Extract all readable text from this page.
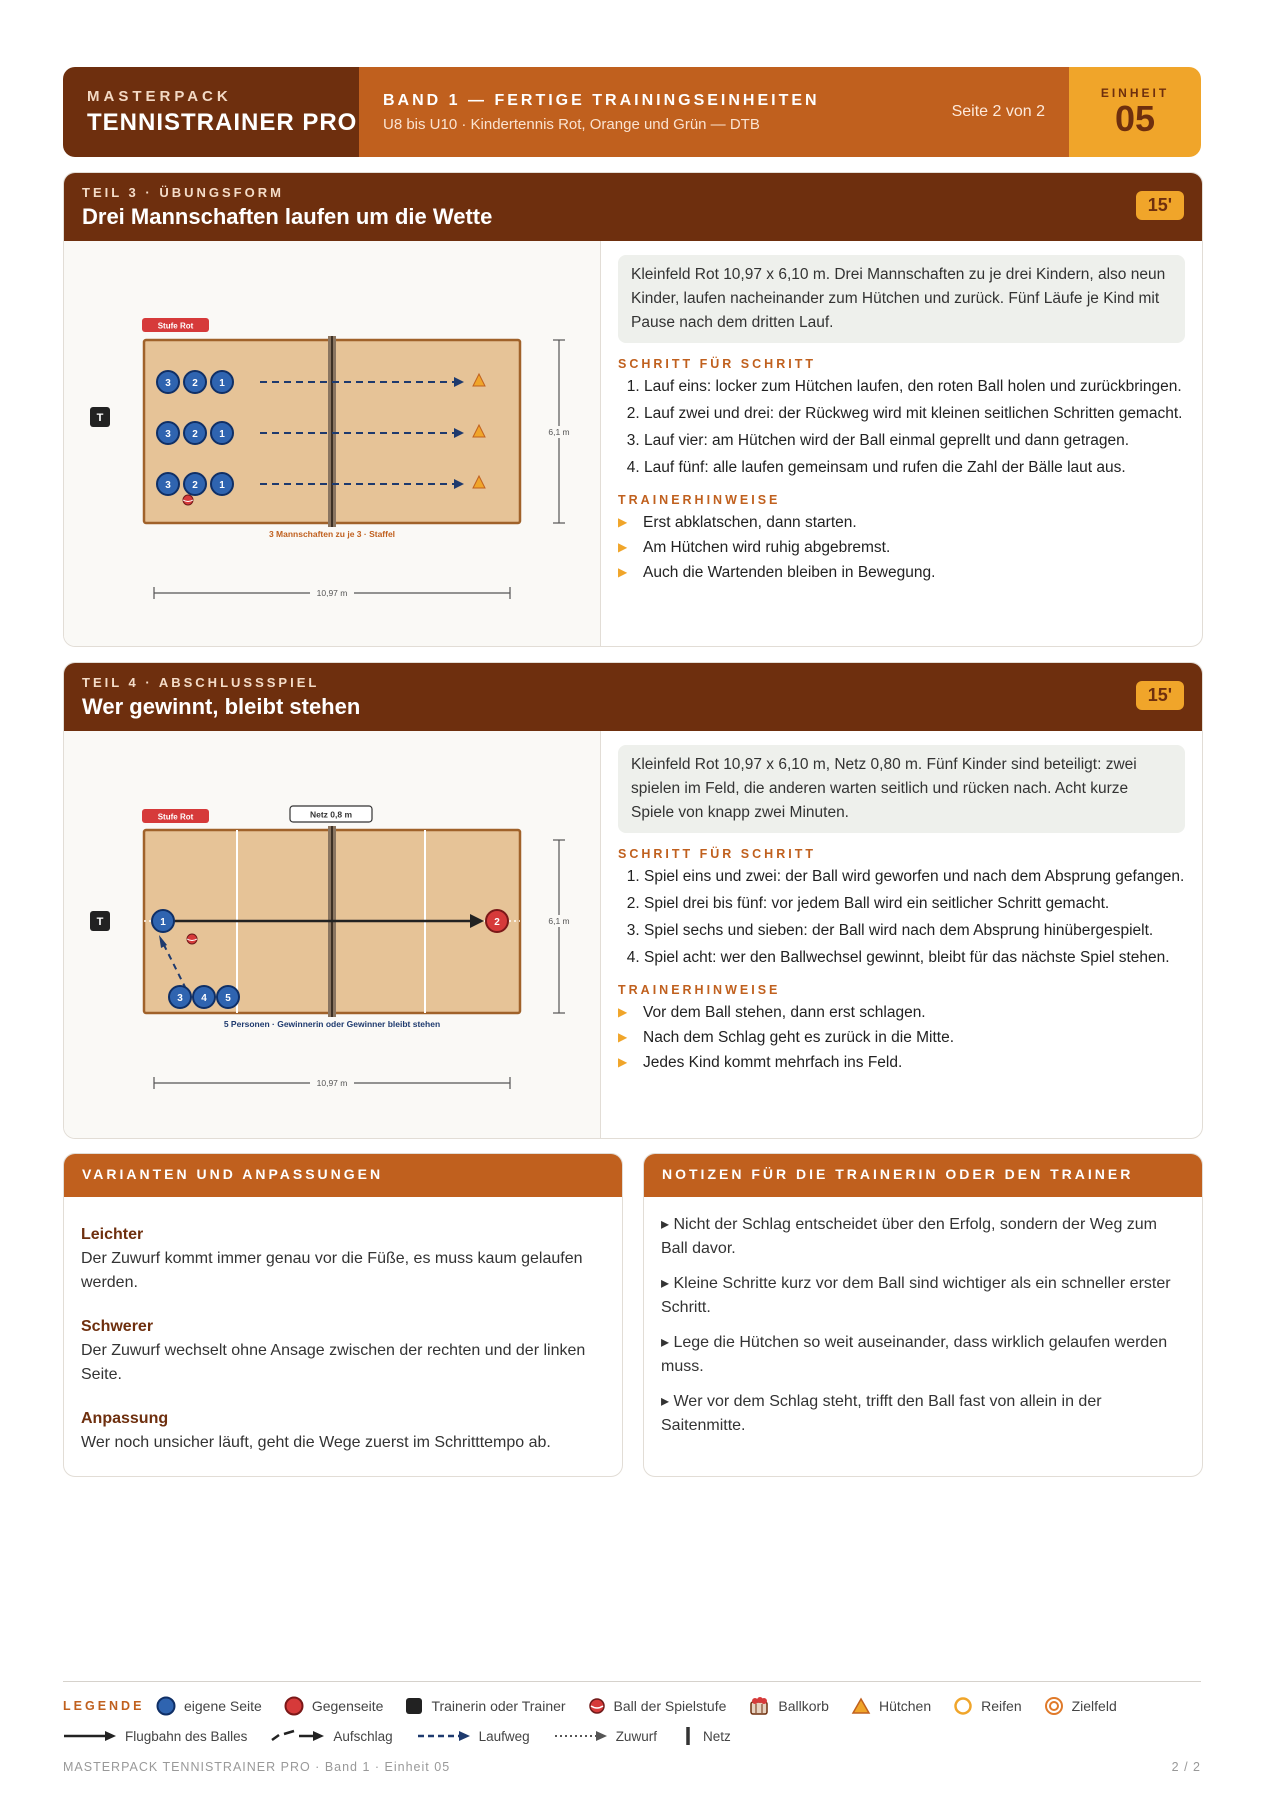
MASTERPACK
TENNISTRAINER PRO
BAND 1 — FERTIGE TRAININGSEINHEITEN
U8 bis U10 · Kindertennis Rot, Orange und Grün — DTB
Seite 2 von 2
EINHEIT
05
TEIL 3 · ÜBUNGSFORM
Drei Mannschaften laufen um die Wette	15'
Stufe Rot
T
3 2 1
3 2 1
3 2 1
3 Mannschaften zu je 3 · Staffel
6,1 m
10,97 m
Kleinfeld Rot 10,97 x 6,10 m. Drei Mannschaften zu je drei Kindern, also neun Kinder, laufen nacheinander zum Hütchen und zurück. Fünf Läufe je Kind mit Pause nach dem dritten Lauf.
SCHRITT FÜR SCHRITT
1. Lauf eins: locker zum Hütchen laufen, den roten Ball holen und zurückbringen.
2. Lauf zwei und drei: der Rückweg wird mit kleinen seitlichen Schritten gemacht.
3. Lauf vier: am Hütchen wird der Ball einmal geprellt und dann getragen.
4. Lauf fünf: alle laufen gemeinsam und rufen die Zahl der Bälle laut aus.
TRAINERHINWEISE
▶ Erst abklatschen, dann starten.
▶ Am Hütchen wird ruhig abgebremst.
▶ Auch die Wartenden bleiben in Bewegung.
TEIL 4 · ABSCHLUSSSPIEL
Wer gewinnt, bleibt stehen	15'
Stufe Rot	Netz 0,8 m
T	1	2
3 4 5
5 Personen · Gewinnerin oder Gewinner bleibt stehen
6,1 m
10,97 m
Kleinfeld Rot 10,97 x 6,10 m, Netz 0,80 m. Fünf Kinder sind beteiligt: zwei spielen im Feld, die anderen warten seitlich und rücken nach. Acht kurze Spiele von knapp zwei Minuten.
SCHRITT FÜR SCHRITT
1. Spiel eins und zwei: der Ball wird geworfen und nach dem Absprung gefangen.
2. Spiel drei bis fünf: vor jedem Ball wird ein seitlicher Schritt gemacht.
3. Spiel sechs und sieben: der Ball wird nach dem Absprung hinübergespielt.
4. Spiel acht: wer den Ballwechsel gewinnt, bleibt für das nächste Spiel stehen.
TRAINERHINWEISE
▶ Vor dem Ball stehen, dann erst schlagen.
▶ Nach dem Schlag geht es zurück in die Mitte.
▶ Jedes Kind kommt mehrfach ins Feld.
VARIANTEN UND ANPASSUNGEN
Leichter
Der Zuwurf kommt immer genau vor die Füße, es muss kaum gelaufen werden.
Schwerer
Der Zuwurf wechselt ohne Ansage zwischen der rechten und der linken Seite.
Anpassung
Wer noch unsicher läuft, geht die Wege zuerst im Schritttempo ab.
NOTIZEN FÜR DIE TRAINERIN ODER DEN TRAINER
▸ Nicht der Schlag entscheidet über den Erfolg, sondern der Weg zum Ball davor.
▸ Kleine Schritte kurz vor dem Ball sind wichtiger als ein schneller erster Schritt.
▸ Lege die Hütchen so weit auseinander, dass wirklich gelaufen werden muss.
▸ Wer vor dem Schlag steht, trifft den Ball fast von allein in der Saitenmitte.
LEGENDE	eigene Seite	Gegenseite	Trainerin oder Trainer	Ball der Spielstufe	Ballkorb	Hütchen	Reifen	Zielfeld
Flugbahn des Balles	Aufschlag	Laufweg	Zuwurf	Netz
MASTERPACK TENNISTRAINER PRO · Band 1 · Einheit 05	2 / 2
